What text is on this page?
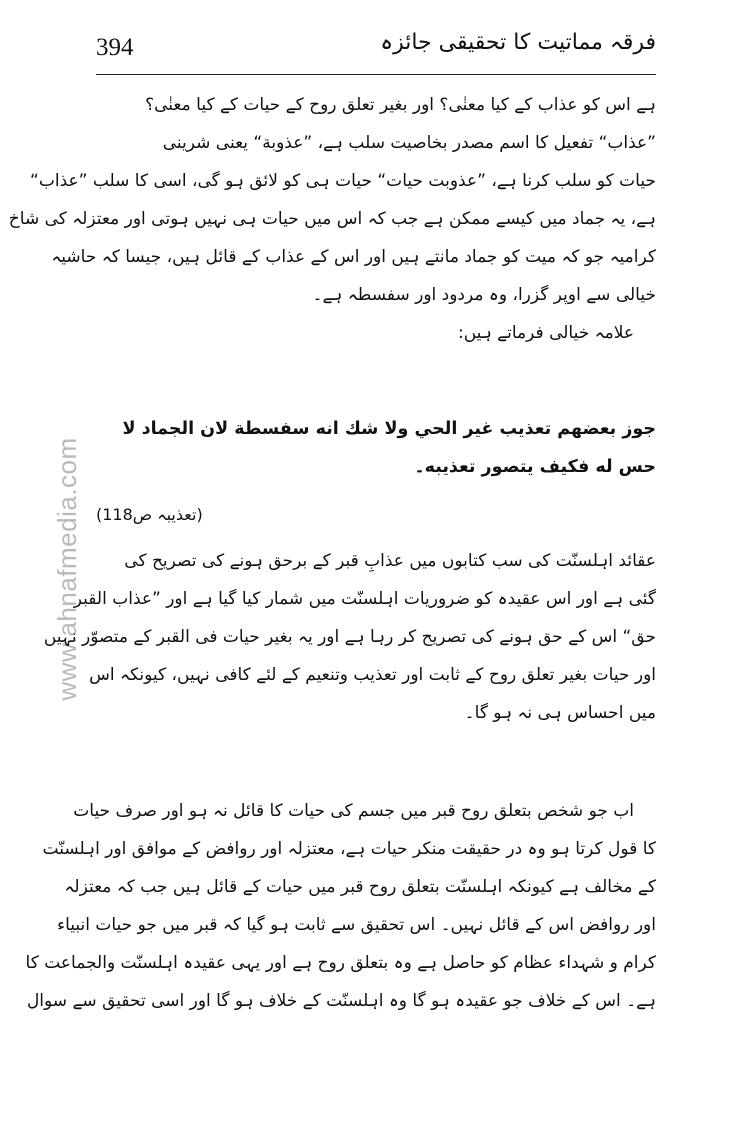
394	فرقہ مماتیت کا تحقیقی جائزہ
www.ahnafmedia.com
ہے اس کو عذاب کے کیا معنٰی؟ اور بغیر تعلق روح کے حیات کے کیا معنٰی؟
”عذاب“ تفعیل کا اسم مصدر بخاصیت سلب ہے، ”عذوبة“ یعنی شرینی
حیات کو سلب کرنا ہے، ”عذوبت حیات“ حیات ہی کو لائق ہو گی، اسی کا سلب ”عذاب“
ہے، یہ جماد میں کیسے ممکن ہے جب کہ اس میں حیات ہی نہیں ہوتی اور معتزلہ کی شاخ
کرامیہ جو کہ میت کو جماد مانتے ہیں اور اس کے عذاب کے قائل ہیں، جیسا کہ حاشیہ
خیالی سے اوپر گزرا، وہ مردود اور سفسطہ ہے۔
علامہ خیالی فرماتے ہیں:
جوز بعضهم تعذيب غير الحي ولا شك انه سفسطة لان الجماد لا
حس له فكيف يتصور تعذيبه۔
(تعذیبہ ص118)
عقائد اہلسنّت کی سب کتابوں میں عذابِ قبر کے برحق ہونے کی تصریح کی
گئی ہے اور اس عقیدہ کو ضروریات اہلسنّت میں شمار کیا گیا ہے اور ”عذاب القبر
حق“ اس کے حق ہونے کی تصریح کر رہا ہے اور یہ بغیر حیات فی القبر کے متصوّر نہیں
اور حیات بغیر تعلق روح کے ثابت اور تعذیب وتنعیم کے لئے کافی نہیں، کیونکہ اس
میں احساس ہی نہ ہو گا۔
اب جو شخص بتعلق روح قبر میں جسم کی حیات کا قائل نہ ہو اور صرف حیات
کا قول کرتا ہو وہ در حقیقت منکر حیات ہے، معتزلہ اور روافض کے موافق اور اہلسنّت
کے مخالف ہے کیونکہ اہلسنّت بتعلق روح قبر میں حیات کے قائل ہیں جب کہ معتزلہ
اور روافض اس کے قائل نہیں۔ اس تحقیق سے ثابت ہو گیا کہ قبر میں جو حیات انبیاء
کرام و شہداء عظام کو حاصل ہے وہ بتعلق روح ہے اور یہی عقیدہ اہلسنّت والجماعت کا
ہے۔ اس کے خلاف جو عقیدہ ہو گا وہ اہلسنّت کے خلاف ہو گا اور اسی تحقیق سے سوال
